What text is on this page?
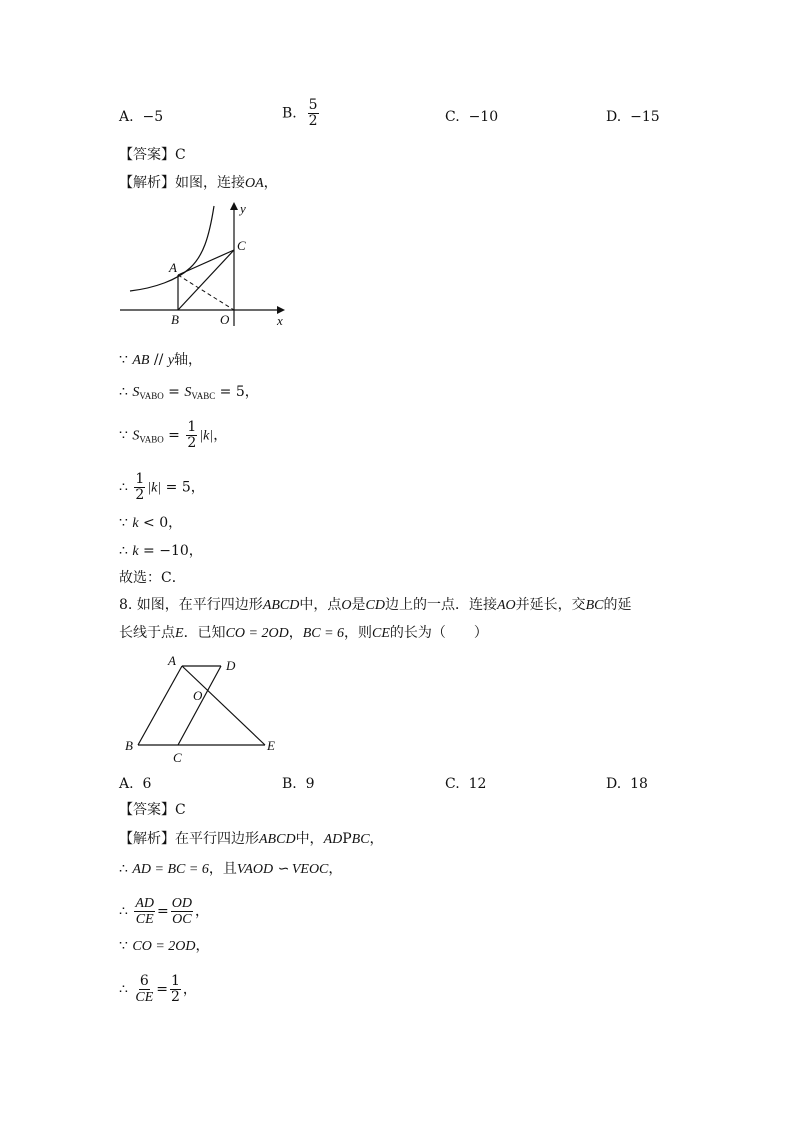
A. −5	B. $\frac{5}{2}$	C. −10	D. −15
【答案】C
【解析】如图，连接OA，
A
B
C
O	x
y
∵ AB // y轴，
∴ $S_{VABO} = S_{VABC} = 5$，
∵ $S_{VABO} = \frac{1}{2} |k|$，
∴ $\frac{1}{2} |k| = 5$，
∵ k < 0，
∴ k = −10，
故选：C．
8. 如图，在平行四边形ABCD中，点O是CD边上的一点．连接AO并延长，交BC的延
长线于点E．已知CO = 2OD，BC = 6，则CE的长为（　　）
A	D
O
B
C
E
A. 6	B. 9	C. 12	D. 18
【答案】C
【解析】在平行四边形ABCD中，ADPBC，
∴ AD = BC = 6，且VAOD ∽ VEOC，
∴ $\frac{AD}{CE} = \frac{OD}{OC}$ ，
∵ CO = 2OD，
∴ $\frac{6}{CE} = \frac{1}{2}$ ，
